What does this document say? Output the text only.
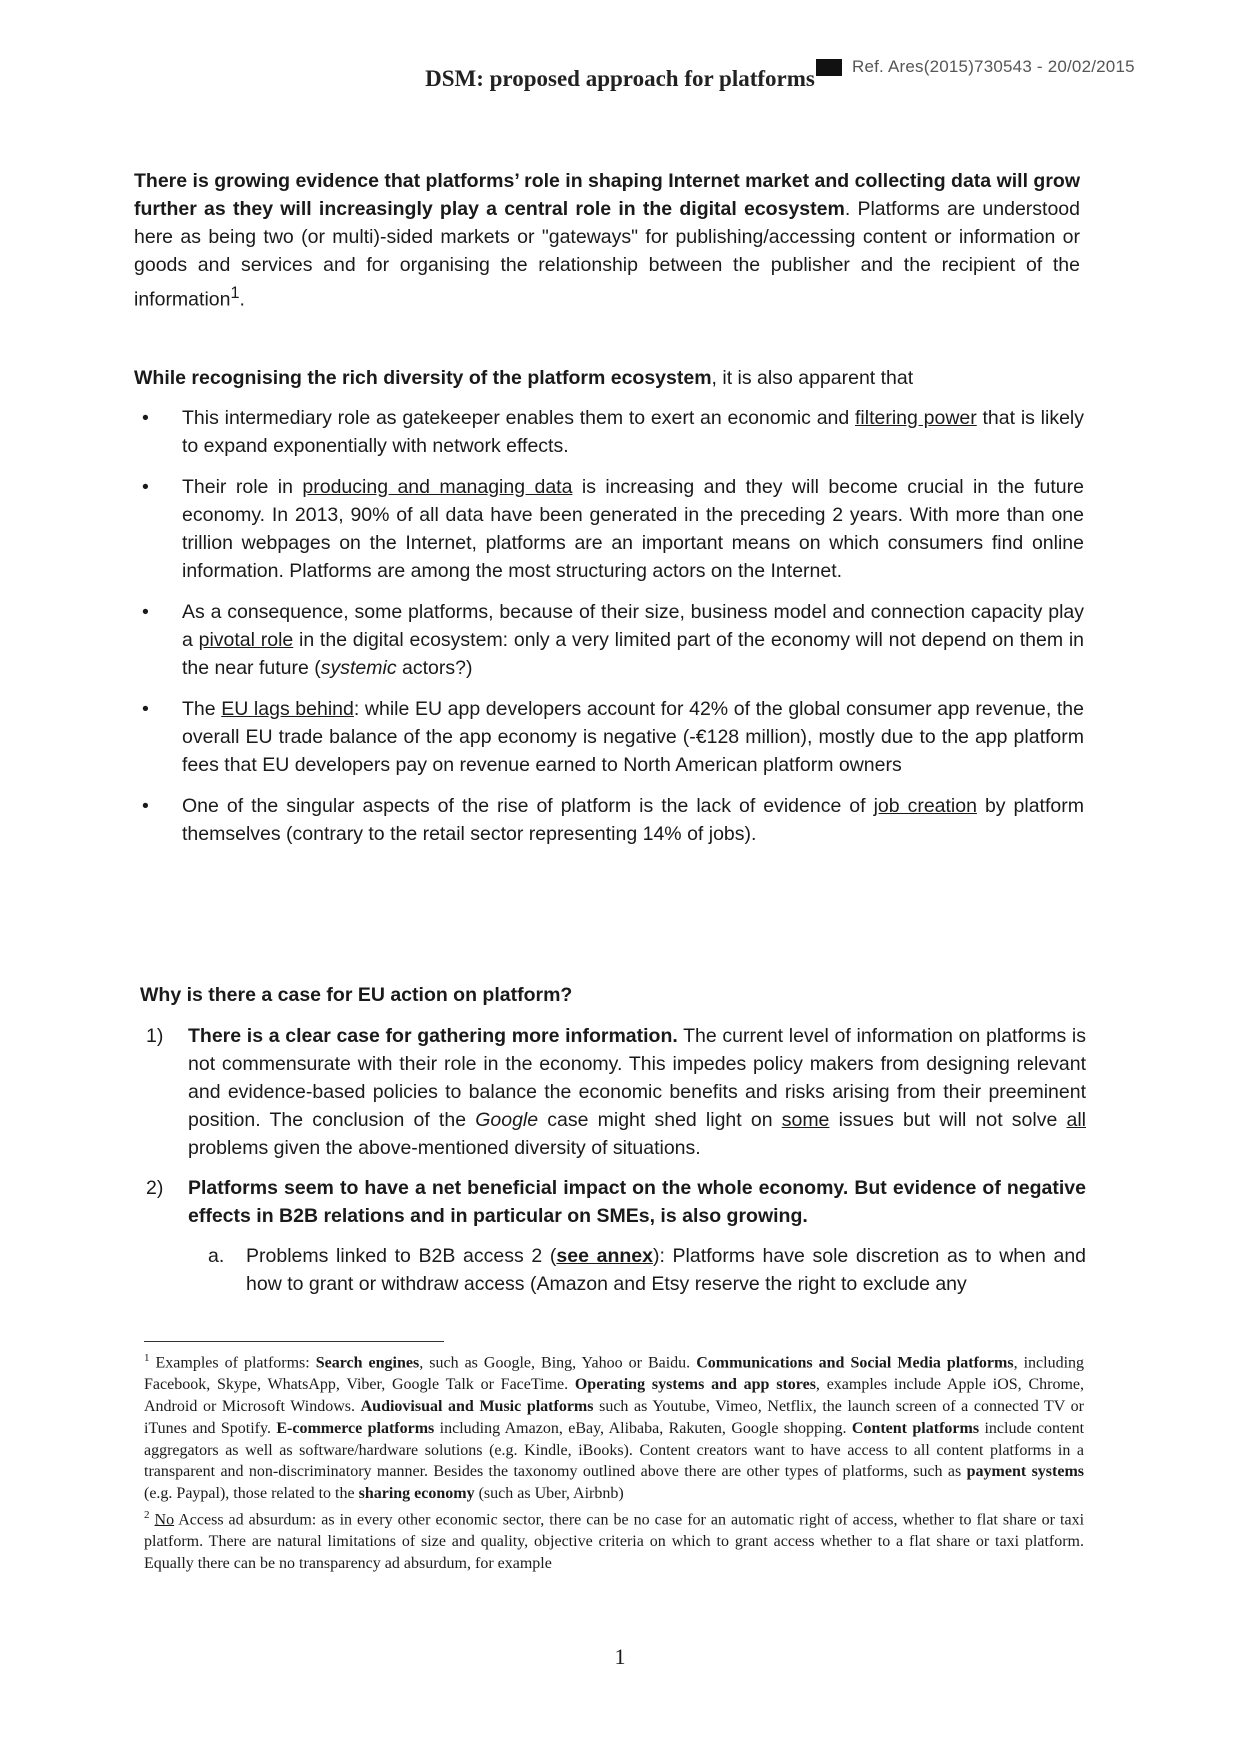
Ref. Ares(2015)730543 - 20/02/2015
DSM: proposed approach for platforms
There is growing evidence that platforms’ role in shaping Internet market and collecting data will grow further as they will increasingly play a central role in the digital ecosystem. Platforms are understood here as being two (or multi)-sided markets or "gateways" for publishing/accessing content or information or goods and services and for organising the relationship between the publisher and the recipient of the information$^1$.
While recognising the rich diversity of the platform ecosystem, it is also apparent that
• This intermediary role as gatekeeper enables them to exert an economic and filtering power that is likely to expand exponentially with network effects.
• Their role in producing and managing data is increasing and they will become crucial in the future economy. In 2013, 90% of all data have been generated in the preceding 2 years. With more than one trillion webpages on the Internet, platforms are an important means on which consumers find online information. Platforms are among the most structuring actors on the Internet.
• As a consequence, some platforms, because of their size, business model and connection capacity play a pivotal role in the digital ecosystem: only a very limited part of the economy will not depend on them in the near future (systemic actors?)
• The EU lags behind: while EU app developers account for 42% of the global consumer app revenue, the overall EU trade balance of the app economy is negative (-€128 million), mostly due to the app platform fees that EU developers pay on revenue earned to North American platform owners
• One of the singular aspects of the rise of platform is the lack of evidence of job creation by platform themselves (contrary to the retail sector representing 14% of jobs).
Why is there a case for EU action on platform?
1) There is a clear case for gathering more information. The current level of information on platforms is not commensurate with their role in the economy. This impedes policy makers from designing relevant and evidence-based policies to balance the economic benefits and risks arising from their preeminent position. The conclusion of the Google case might shed light on some issues but will not solve all problems given the above-mentioned diversity of situations.
2) Platforms seem to have a net beneficial impact on the whole economy. But evidence of negative effects in B2B relations and in particular on SMEs, is also growing.
a. Problems linked to B2B access 2 (see annex): Platforms have sole discretion as to when and how to grant or withdraw access (Amazon and Etsy reserve the right to exclude any
$^1$ Examples of platforms: Search engines, such as Google, Bing, Yahoo or Baidu. Communications and Social Media platforms, including Facebook, Skype, WhatsApp, Viber, Google Talk or FaceTime. Operating systems and app stores, examples include Apple iOS, Chrome, Android or Microsoft Windows. Audiovisual and Music platforms such as Youtube, Vimeo, Netflix, the launch screen of a connected TV or iTunes and Spotify. E-commerce platforms including Amazon, eBay, Alibaba, Rakuten, Google shopping. Content platforms include content aggregators as well as software/hardware solutions (e.g. Kindle, iBooks). Content creators want to have access to all content platforms in a transparent and non-discriminatory manner. Besides the taxonomy outlined above there are other types of platforms, such as payment systems (e.g. Paypal), those related to the sharing economy (such as Uber, Airbnb)
$^2$ No Access ad absurdum: as in every other economic sector, there can be no case for an automatic right of access, whether to flat share or taxi platform. There are natural limitations of size and quality, objective criteria on which to grant access whether to a flat share or taxi platform. Equally there can be no transparency ad absurdum, for example
1
